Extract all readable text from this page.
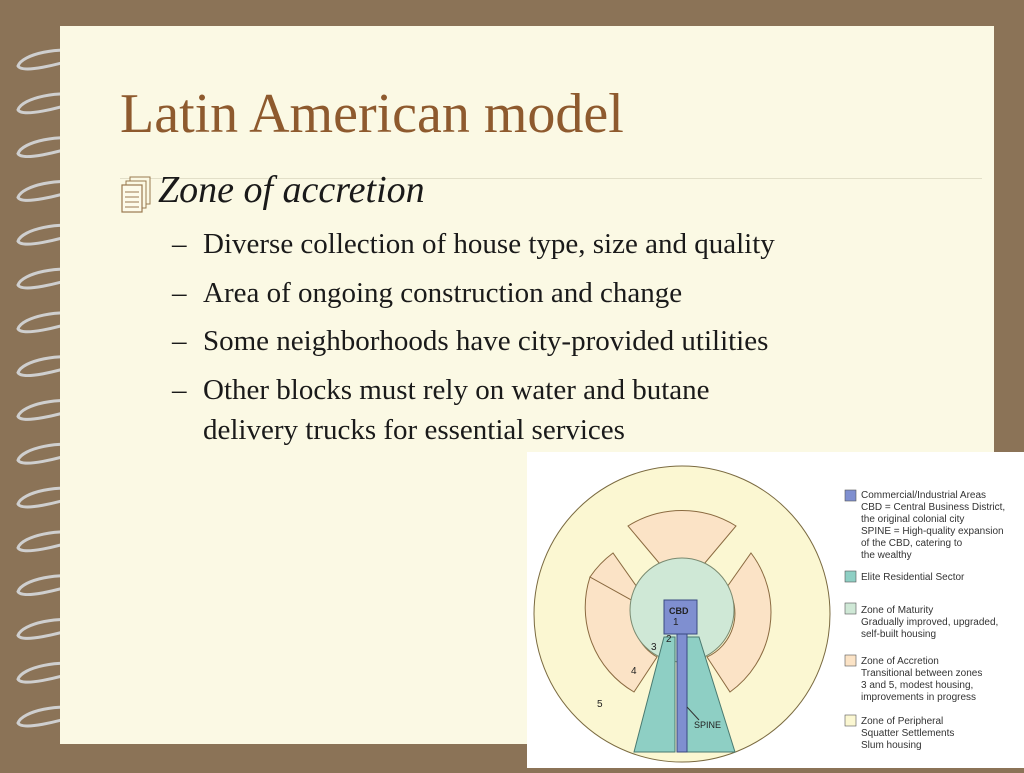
Latin American model
Zone of accretion
– Diverse collection of house type, size and quality
– Area of ongoing construction and change
– Some neighborhoods have city-provided utilities
– Other blocks must rely on water and butane
delivery trucks for essential services
CBD
1
2
3
4
5
SPINE
Commercial/Industrial Areas CBD = Central Business District, the original colonial city SPINE = High-quality expansion of the CBD, catering to the wealthy
Elite Residential Sector
Zone of Maturity Gradually improved, upgraded, self-built housing
Zone of Accretion Transitional between zones 3 and 5, modest housing, improvements in progress
Zone of Peripheral Squatter Settlements Slum housing
